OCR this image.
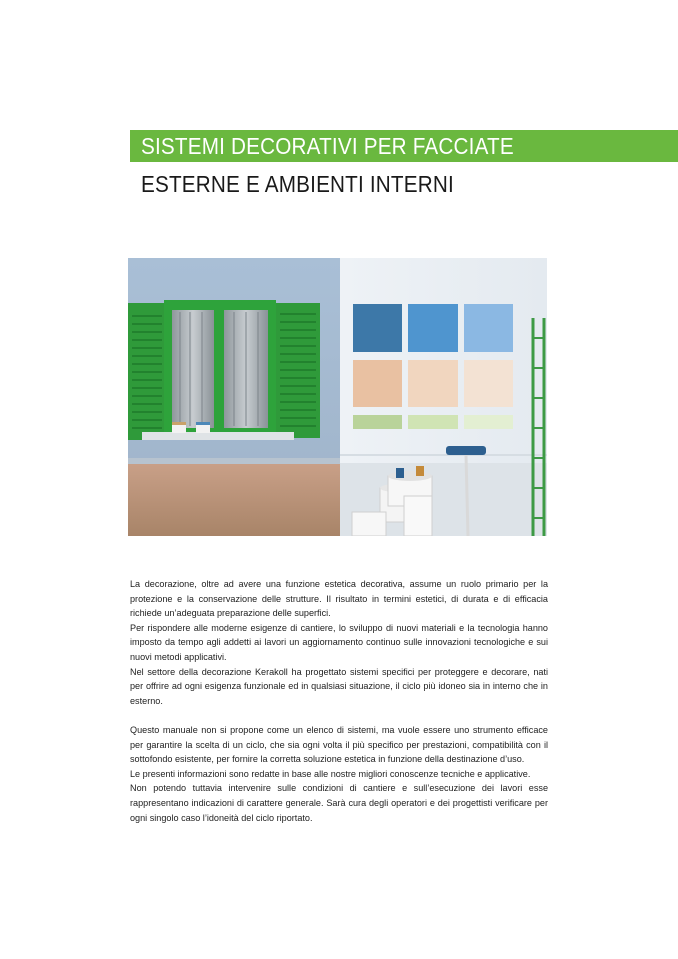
SISTEMI DECORATIVI PER FACCIATE
ESTERNE E AMBIENTI INTERNI

La decorazione, oltre ad avere una funzione estetica decorativa, assume un ruolo primario per la protezione e la conservazione delle strutture. Il risultato in termini estetici, di durata e di efficacia richiede un’adeguata preparazione delle superfici.

Per rispondere alle moderne esigenze di cantiere, lo sviluppo di nuovi materiali e la tecnologia hanno imposto da tempo agli addetti ai lavori un aggiornamento continuo sulle innovazioni tecnologiche e sui nuovi metodi applicativi.

Nel settore della decorazione Kerakoll ha progettato sistemi specifici per proteggere e decorare, nati per offrire ad ogni esigenza funzionale ed in qualsiasi situazione, il ciclo più idoneo sia in interno che in esterno.

Questo manuale non si propone come un elenco di sistemi, ma vuole essere uno strumento efficace per garantire la scelta di un ciclo, che sia ogni volta il più specifico per prestazioni, compatibilità con il sottofondo esistente, per fornire la corretta soluzione estetica in funzione della destinazione d’uso.

Le presenti informazioni sono redatte in base alle nostre migliori conoscenze tecniche e applicative.

Non potendo tuttavia intervenire sulle condizioni di cantiere e sull’esecuzione dei lavori esse rappresentano indicazioni di carattere generale. Sarà cura degli operatori e dei progettisti verificare per ogni singolo caso l’idoneità del ciclo riportato.
